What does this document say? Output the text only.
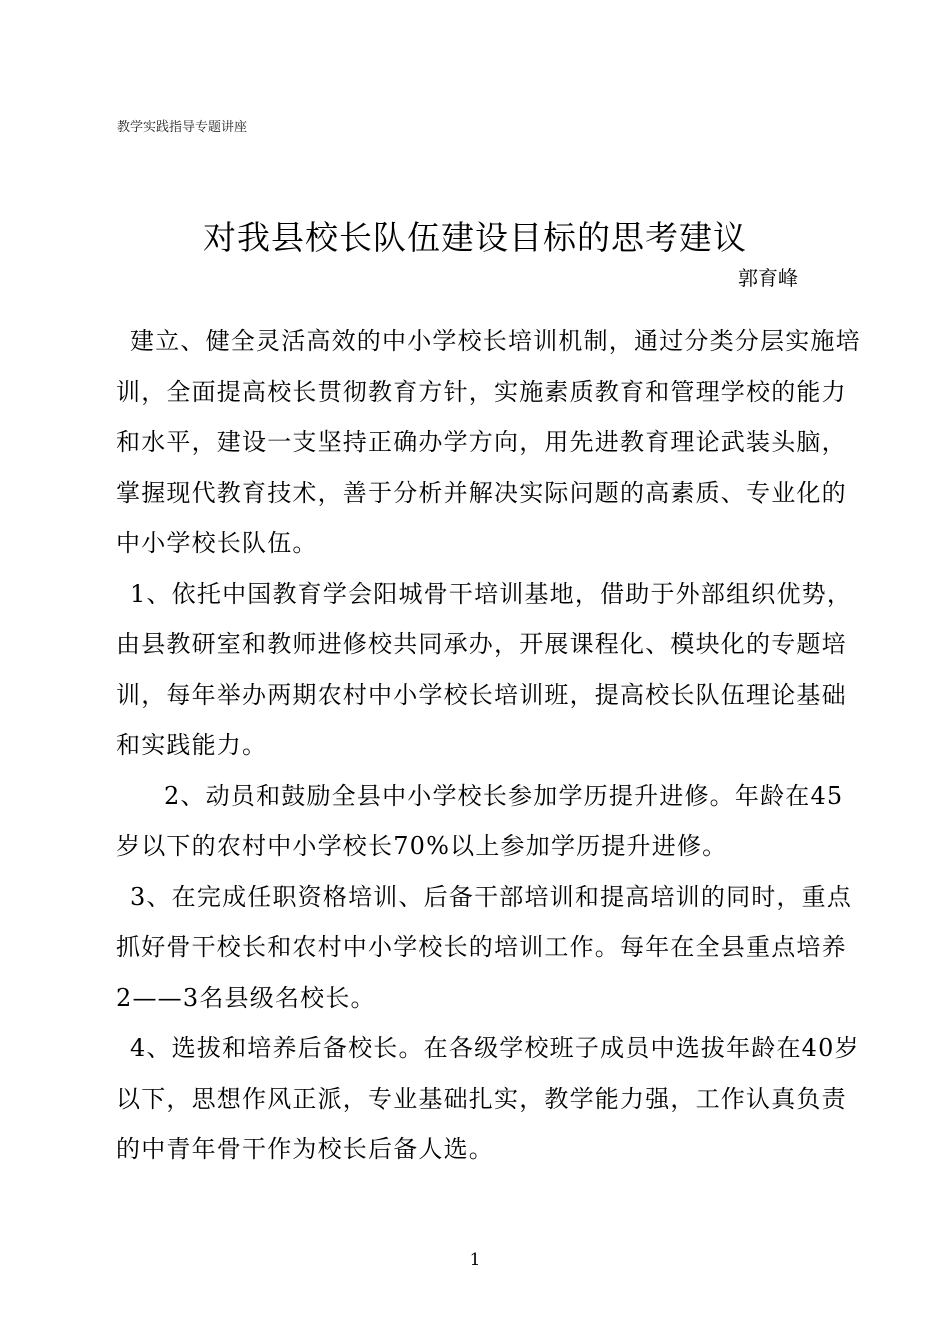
教学实践指导专题讲座
对我县校长队伍建设目标的思考建议
郭育峰

建立、健全灵活高效的中小学校长培训机制，通过分类分层实施培训，全面提高校长贯彻教育方针，实施素质教育和管理学校的能力和水平，建设一支坚持正确办学方向，用先进教育理论武装头脑，掌握现代教育技术，善于分析并解决实际问题的高素质、专业化的中小学校长队伍。

1、依托中国教育学会阳城骨干培训基地，借助于外部组织优势，由县教研室和教师进修校共同承办，开展课程化、模块化的专题培训，每年举办两期农村中小学校长培训班，提高校长队伍理论基础和实践能力。

2、动员和鼓励全县中小学校长参加学历提升进修。年龄在45岁以下的农村中小学校长70%以上参加学历提升进修。

3、在完成任职资格培训、后备干部培训和提高培训的同时，重点抓好骨干校长和农村中小学校长的培训工作。每年在全县重点培养2——3名县级名校长。

4、选拔和培养后备校长。在各级学校班子成员中选拔年龄在40岁以下，思想作风正派，专业基础扎实，教学能力强，工作认真负责的中青年骨干作为校长后备人选。

1
